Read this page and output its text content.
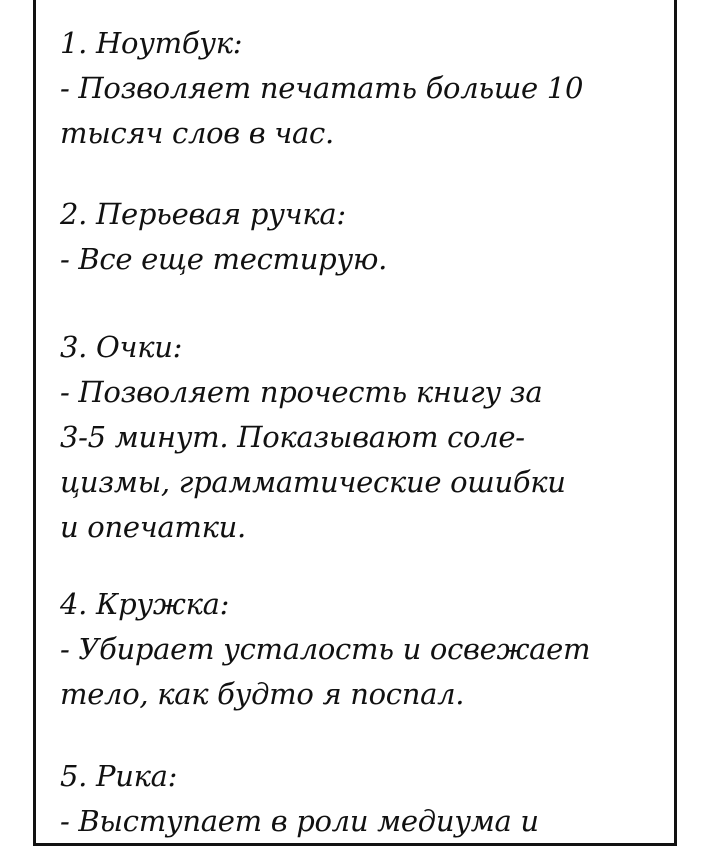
1. Ноутбук:
- Позволяет печатать больше 10
тысяч слов в час.
2. Перьевая ручка:
- Все еще тестирую.
3. Очки:
- Позволяет прочесть книгу за
3-5 минут. Показывают соле-
цизмы, грамматические ошибки
и опечатки.
4. Кружка:
- Убирает усталость и освежает
тело, как будто я поспал.
5. Рика:
- Выступает в роли медиума и
